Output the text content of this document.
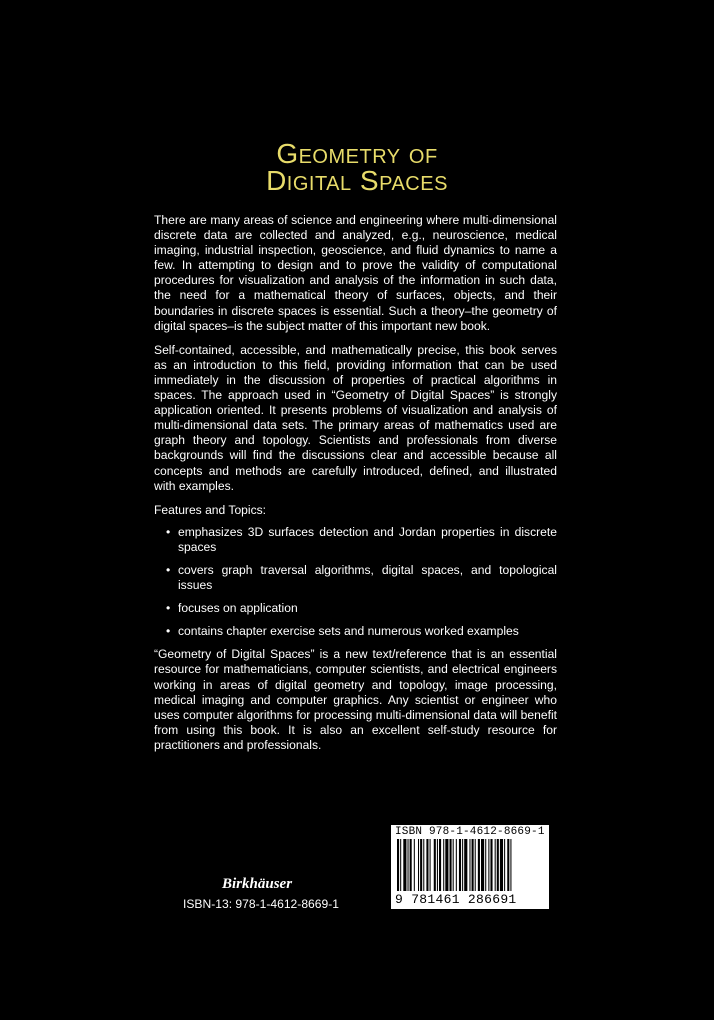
Geometry of
Digital Spaces

There are many areas of science and engineering where multi-dimensional discrete data are collected and analyzed, e.g., neuroscience, medical imaging, industrial inspection, geoscience, and fluid dynamics to name a few. In attempting to design and to prove the validity of computational procedures for visualization and analysis of the information in such data, the need for a mathematical theory of surfaces, objects, and their boundaries in discrete spaces is essential. Such a theory–the geometry of digital spaces–is the subject matter of this important new book.

Self-contained, accessible, and mathematically precise, this book serves as an introduction to this field, providing information that can be used immediately in the discussion of properties of practical algorithms in spaces. The approach used in “Geometry of Digital Spaces” is strongly application oriented. It presents problems of visualization and analysis of multi-dimensional data sets. The primary areas of mathematics used are graph theory and topology. Scientists and professionals from diverse backgrounds will find the discussions clear and accessible because all concepts and methods are carefully introduced, defined, and illustrated with examples.

Features and Topics:

• emphasizes 3D surfaces detection and Jordan properties in discrete spaces
• covers graph traversal algorithms, digital spaces, and topological issues
• focuses on application
• contains chapter exercise sets and numerous worked examples

“Geometry of Digital Spaces” is a new text/reference that is an essential resource for mathematicians, computer scientists, and electrical engineers working in areas of digital geometry and topology, image processing, medical imaging and computer graphics. Any scientist or engineer who uses computer algorithms for processing multi-dimensional data will benefit from using this book. It is also an excellent self-study resource for practitioners and professionals.

Birkhäuser
ISBN-13: 978-1-4612-8669-1
ISBN 978-1-4612-8669-1
9 781461 286691
